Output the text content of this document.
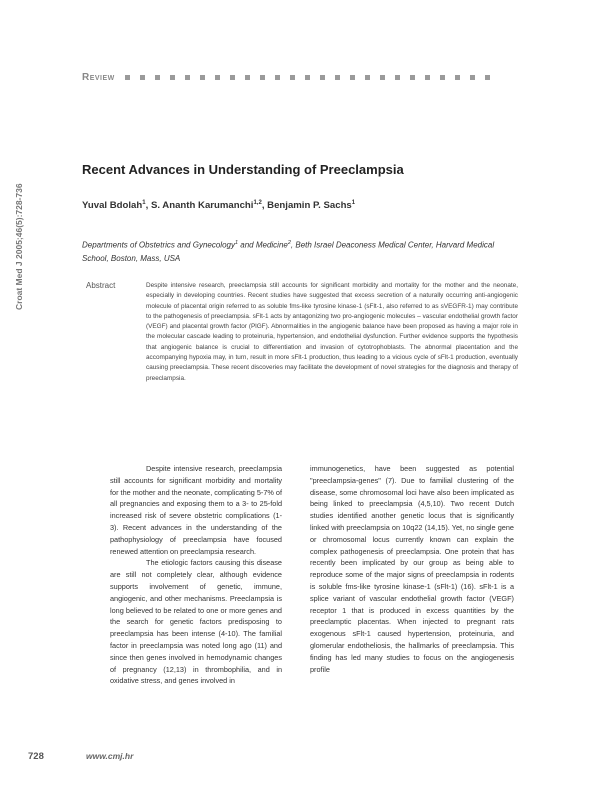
Review
Croat Med J 2005;46(5):728-736
Recent Advances in Understanding of Preeclampsia
Yuval Bdolah$^1$, S. Ananth Karumanchi$^{1,2}$, Benjamin P. Sachs$^1$
Departments of Obstetrics and Gynecology$^1$ and Medicine$^2$, Beth Israel Deaconess Medical Center, Harvard Medical School, Boston, Mass, USA
Abstract	Despite intensive research, preeclampsia still accounts for significant morbidity and mortality for the mother and the neonate, especially in developing countries. Recent studies have suggested that excess secretion of a naturally occurring anti-angiogenic molecule of placental origin referred to as soluble fms-like tyrosine kinase-1 (sFlt-1, also referred to as sVEGFR-1) may contribute to the pathogenesis of preeclampsia. sFlt-1 acts by antagonizing two pro-angiogenic molecules – vascular endothelial growth factor (VEGF) and placental growth factor (PlGF). Abnormalities in the angiogenic balance have been proposed as having a major role in the molecular cascade leading to proteinuria, hypertension, and endothelial dysfunction. Further evidence supports the hypothesis that angiogenic balance is crucial to differentiation and invasion of cytotrophoblasts. The abnormal placentation and the accompanying hypoxia may, in turn, result in more sFlt-1 production, thus leading to a vicious cycle of sFlt-1 production, eventually causing preeclampsia. These recent discoveries may facilitate the development of novel strategies for the diagnosis and therapy of preeclampsia.

Despite intensive research, preeclampsia still accounts for significant morbidity and mortality for the mother and the neonate, complicating 5-7% of all pregnancies and exposing them to a 3- to 25-fold increased risk of severe obstetric complications (1-3). Recent advances in the understanding of the pathophysiology of preeclampsia have focused renewed attention on preeclampsia research.

The etiologic factors causing this disease are still not completely clear, although evidence supports involvement of genetic, immune, angiogenic, and other mechanisms. Preeclampsia is long believed to be related to one or more genes and the search for genetic factors predisposing to preeclampsia has been intense (4-10). The familial factor in preeclampsia was noted long ago (11) and since then genes involved in hemodynamic changes of pregnancy (12,13) in thrombophilia, and in oxidative stress, and genes involved in

immunogenetics, have been suggested as potential "preeclampsia-genes" (7). Due to familial clustering of the disease, some chromosomal loci have also been implicated as being linked to preeclampsia (4,5,10). Two recent Dutch studies identified another genetic locus that is significantly linked with preeclampsia on 10q22 (14,15). Yet, no single gene or chromosomal locus currently known can explain the complex pathogenesis of preeclampsia. One protein that has recently been implicated by our group as being able to reproduce some of the major signs of preeclampsia in rodents is soluble fms-like tyrosine kinase-1 (sFlt-1) (16). sFlt-1 is a splice variant of vascular endothelial growth factor (VEGF) receptor 1 that is produced in excess quantities by the preeclamptic placentas. When injected to pregnant rats exogenous sFlt-1 caused hypertension, proteinuria, and glomerular endotheliosis, the hallmarks of preeclampsia. This finding has led many studies to focus on the angiogenesis profile

728	www.cmj.hr
